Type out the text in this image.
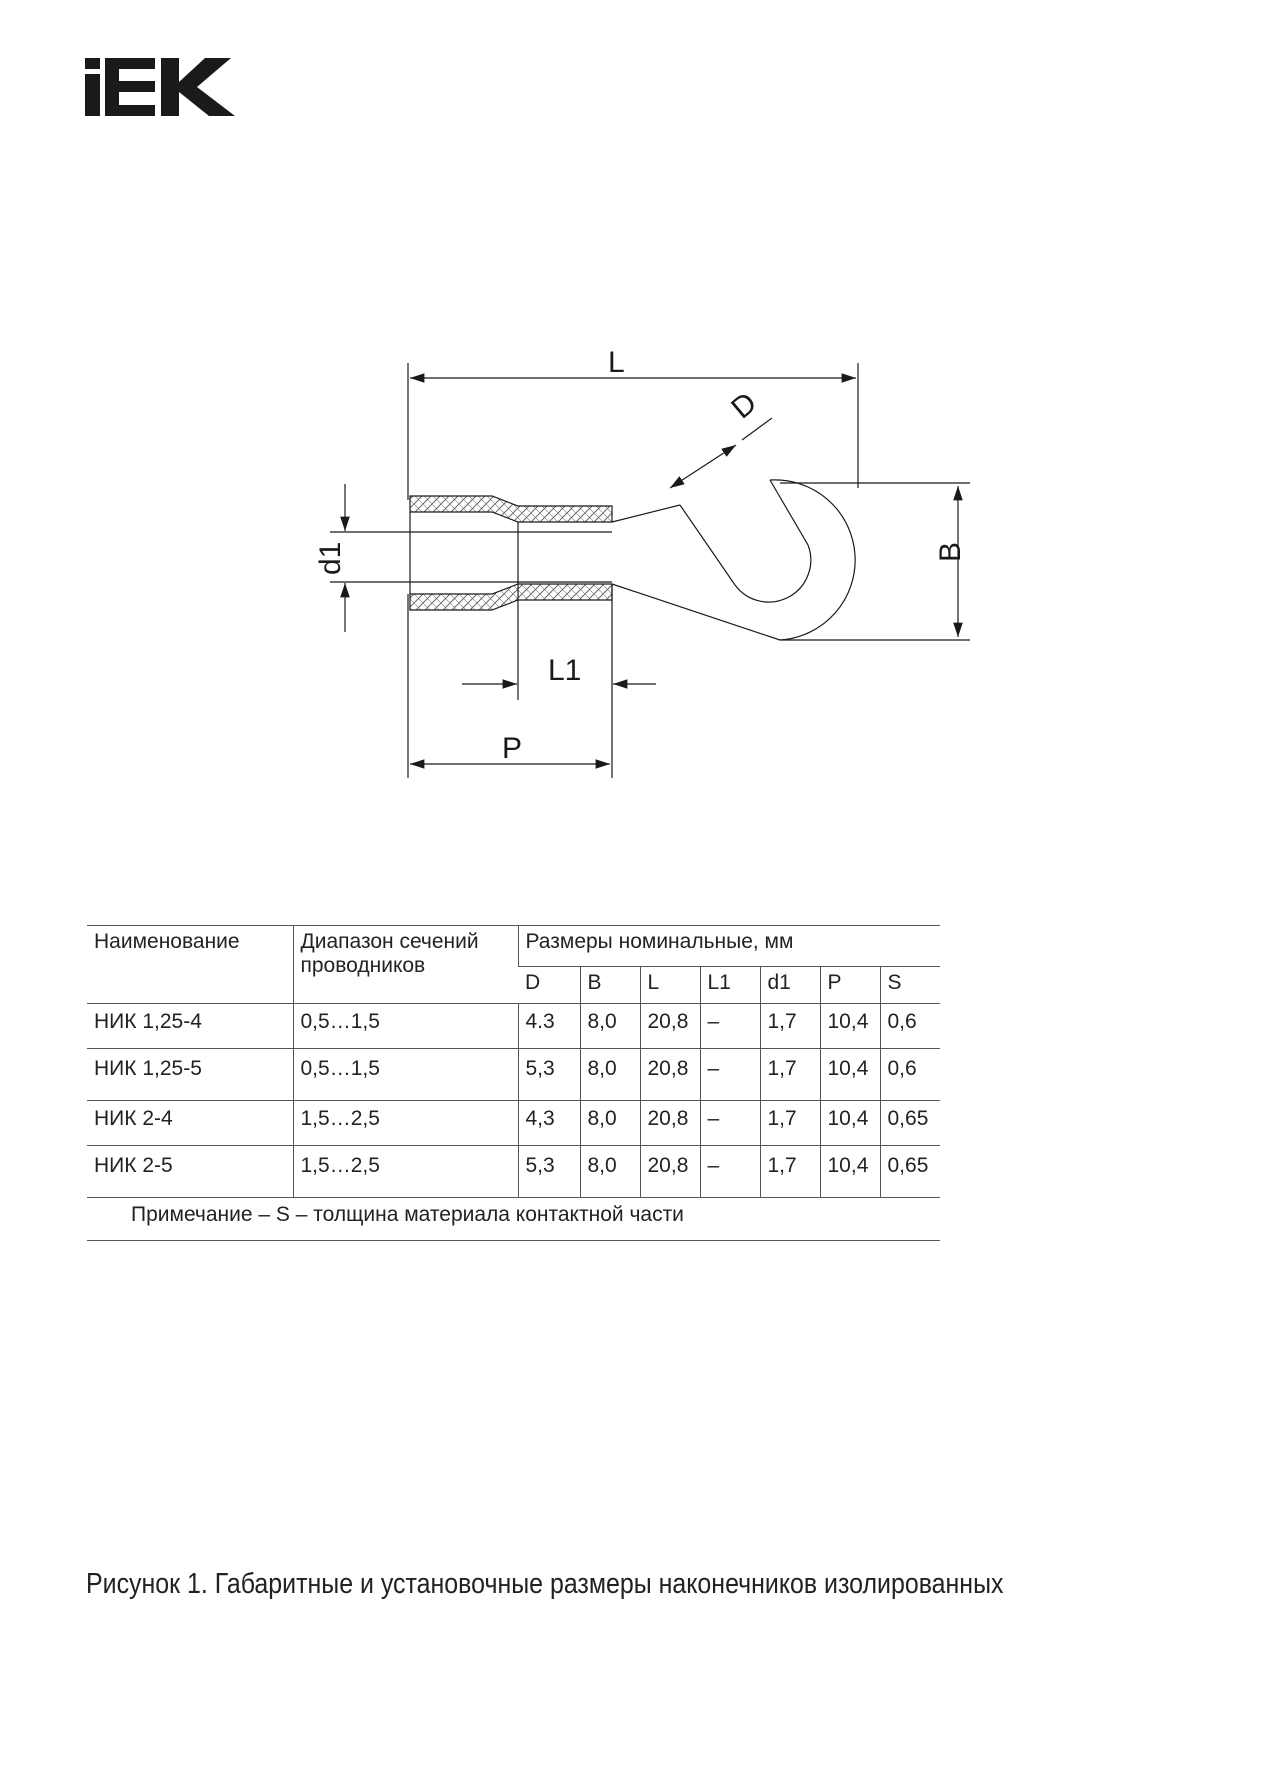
L
D
B
d1
L1
P
Наименование	Диапазон сечений проводников	Размеры номинальные, мм						
		D	B	L	L1	d1	P	S
НИК 1,25-4	0,5…1,5	4.3	8,0	20,8	–	1,7	10,4	0,6
НИК 1,25-5	0,5…1,5	5,3	8,0	20,8	–	1,7	10,4	0,6
НИК 2-4	1,5…2,5	4,3	8,0	20,8	–	1,7	10,4	0,65
НИК 2-5	1,5…2,5	5,3	8,0	20,8	–	1,7	10,4	0,65
Примечание – S – толщина материала контактной части								
Рисунок 1. Габаритные и установочные размеры наконечников изолированных
